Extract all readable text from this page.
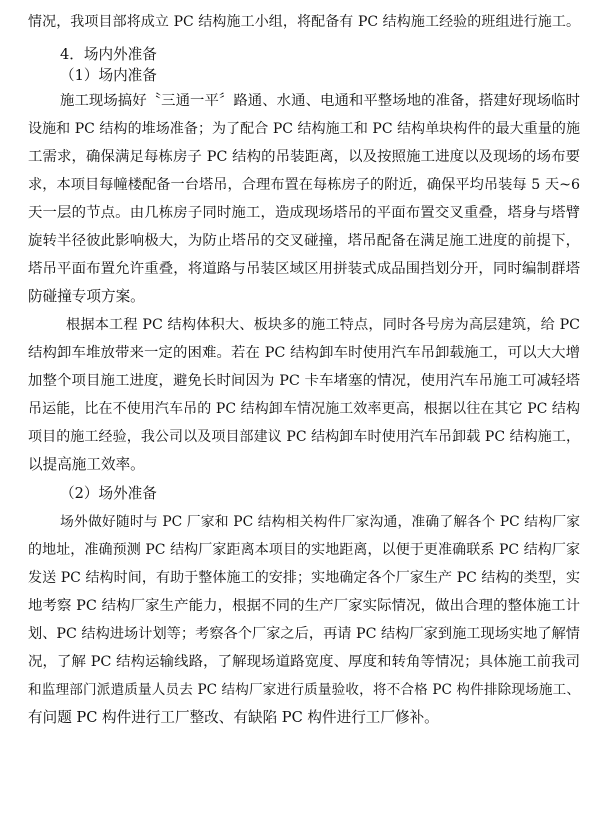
情况，我项目部将成立 PC 结构施工小组，将配备有 PC 结构施工经验的班组进行施工。
4．场内外准备
（1）场内准备
施工现场搞好〝三通一平〞路通、水通、电通和平整场地的准备，搭建好现场临时
设施和 PC 结构的堆场准备；为了配合 PC 结构施工和 PC 结构单块构件的最大重量的施
工需求，确保满足每栋房子 PC 结构的吊装距离，以及按照施工进度以及现场的场布要
求，本项目每幢楼配备一台塔吊，合理布置在每栋房子的附近，确保平均吊装每 5 天~6
天一层的节点。由几栋房子同时施工，造成现场塔吊的平面布置交叉重叠，塔身与塔臂
旋转半径彼此影响极大，为防止塔吊的交叉碰撞，塔吊配备在满足施工进度的前提下，
塔吊平面布置允许重叠，将道路与吊装区域区用拼装式成品围挡划分开，同时编制群塔
防碰撞专项方案。
根据本工程 PC 结构体积大、板块多的施工特点，同时各号房为高层建筑，给 PC
结构卸车堆放带来一定的困难。若在 PC 结构卸车时使用汽车吊卸载施工，可以大大增
加整个项目施工进度，避免长时间因为 PC 卡车堵塞的情况，使用汽车吊施工可减轻塔
吊运能，比在不使用汽车吊的 PC 结构卸车情况施工效率更高，根据以往在其它 PC 结构
项目的施工经验，我公司以及项目部建议 PC 结构卸车时使用汽车吊卸载 PC 结构施工，
以提高施工效率。
（2）场外准备
场外做好随时与 PC 厂家和 PC 结构相关构件厂家沟通，准确了解各个 PC 结构厂家
的地址，准确预测 PC 结构厂家距离本项目的实地距离，以便于更准确联系 PC 结构厂家
发送 PC 结构时间，有助于整体施工的安排；实地确定各个厂家生产 PC 结构的类型，实
地考察 PC 结构厂家生产能力，根据不同的生产厂家实际情况，做出合理的整体施工计
划、PC 结构进场计划等；考察各个厂家之后，再请 PC 结构厂家到施工现场实地了解情
况，了解 PC 结构运输线路，了解现场道路宽度、厚度和转角等情况；具体施工前我司
和监理部门派遣质量人员去 PC 结构厂家进行质量验收，将不合格 PC 构件排除现场施工、
有问题 PC 构件进行工厂整改、有缺陷 PC 构件进行工厂修补。
